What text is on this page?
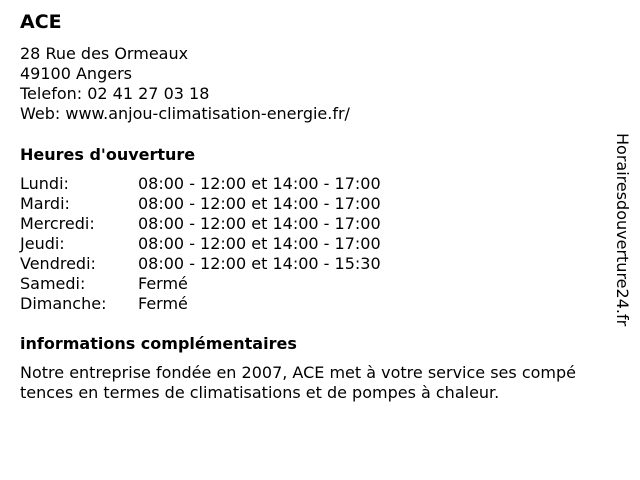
ACE
28 Rue des Ormeaux
49100 Angers
Telefon: 02 41 27 03 18
Web: www.anjou-climatisation-energie.fr/
Heures d'ouverture
Lundi:	08:00 - 12:00 et 14:00 - 17:00
Mardi:	08:00 - 12:00 et 14:00 - 17:00
Mercredi:	08:00 - 12:00 et 14:00 - 17:00
Jeudi:	08:00 - 12:00 et 14:00 - 17:00
Vendredi:	08:00 - 12:00 et 14:00 - 15:30
Samedi:	Fermé
Dimanche:	Fermé
informations complémentaires
Notre entreprise fondée en 2007, ACE met à votre service ses compé
tences en termes de climatisations et de pompes à chaleur.
Horairesdouverture24.fr
